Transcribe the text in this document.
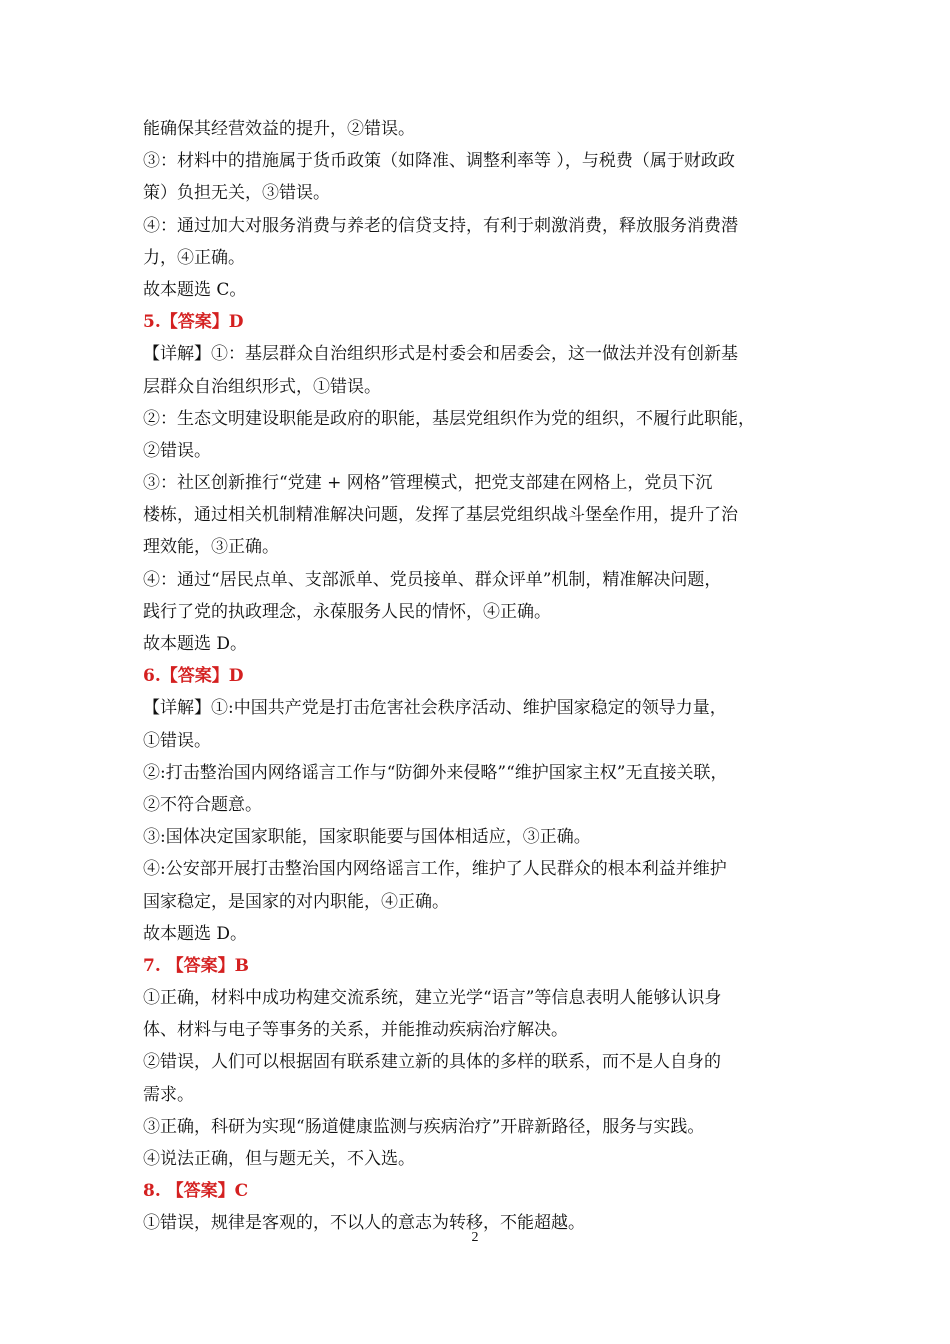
能确保其经营效益的提升，②错误。
③：材料中的措施属于货币政策（如降准、调整利率等 ），与税费（属于财政政
策）负担无关，③错误。
④：通过加大对服务消费与养老的信贷支持，有利于刺激消费，释放服务消费潜
力，④正确。
故本题选 C。
5.【答案】D
【详解】①：基层群众自治组织形式是村委会和居委会，这一做法并没有创新基
层群众自治组织形式，①错误。
②：生态文明建设职能是政府的职能，基层党组织作为党的组织，不履行此职能，
②错误。
③：社区创新推行“党建 + 网格”管理模式，把党支部建在网格上，党员下沉
楼栋，通过相关机制精准解决问题，发挥了基层党组织战斗堡垒作用，提升了治
理效能，③正确。
④：通过“居民点单、支部派单、党员接单、群众评单”机制，精准解决问题，
践行了党的执政理念，永葆服务人民的情怀，④正确。
故本题选 D。
6.【答案】D
【详解】①:中国共产党是打击危害社会秩序活动、维护国家稳定的领导力量，
①错误。
②:打击整治国内网络谣言工作与“防御外来侵略”“维护国家主权”无直接关联，
②不符合题意。
③:国体决定国家职能，国家职能要与国体相适应，③正确。
④:公安部开展打击整治国内网络谣言工作，维护了人民群众的根本利益并维护
国家稳定，是国家的对内职能，④正确。
故本题选 D。
7. 【答案】B
①正确，材料中成功构建交流系统，建立光学“语言”等信息表明人能够认识身
体、材料与电子等事务的关系，并能推动疾病治疗解决。
②错误，人们可以根据固有联系建立新的具体的多样的联系，而不是人自身的
需求。
③正确，科研为实现“肠道健康监测与疾病治疗”开辟新路径，服务与实践。
④说法正确，但与题无关，不入选。
8. 【答案】C
①错误，规律是客观的，不以人的意志为转移，不能超越。
2
